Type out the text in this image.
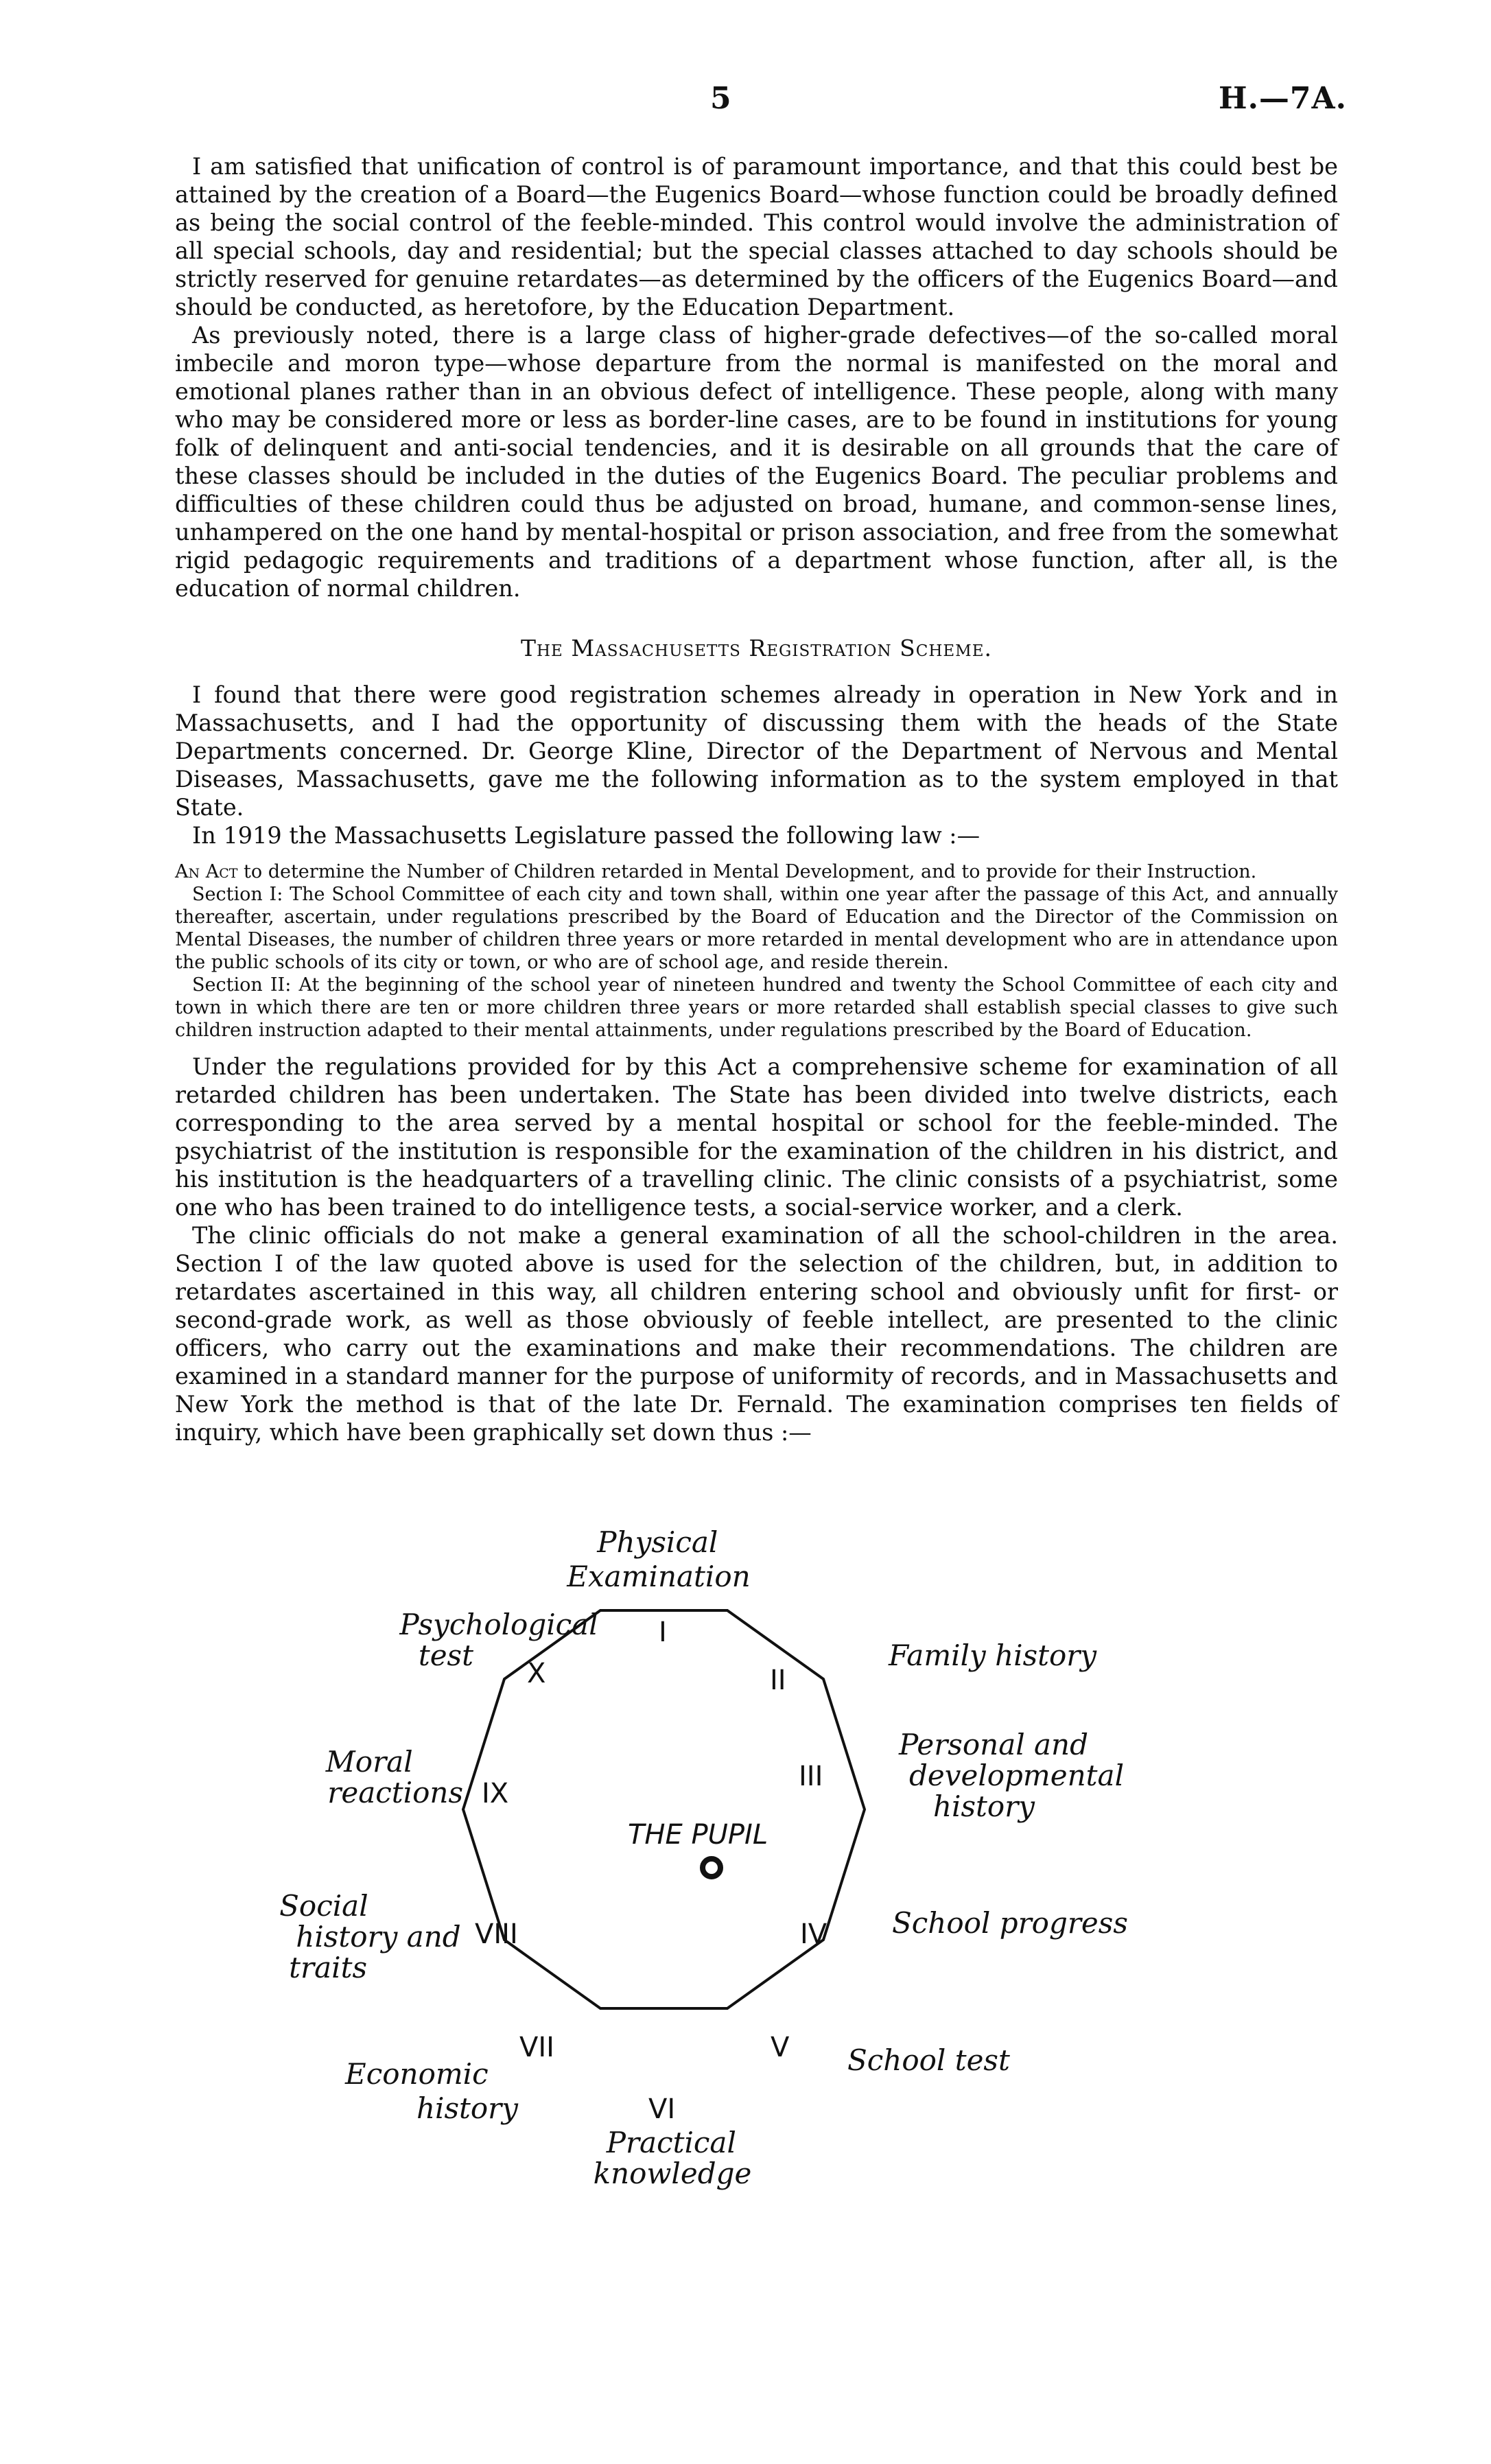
5	H.—7A.

I am satisfied that unification of control is of paramount importance, and that this could best be attained by the creation of a Board—the Eugenics Board—whose function could be broadly defined as being the social control of the feeble-minded. This control would involve the administration of all special schools, day and residential; but the special classes attached to day schools should be strictly reserved for genuine retardates—as determined by the officers of the Eugenics Board—and should be conducted, as heretofore, by the Education Department.

As previously noted, there is a large class of higher-grade defectives—of the so-called moral imbecile and moron type—whose departure from the normal is manifested on the moral and emotional planes rather than in an obvious defect of intelligence. These people, along with many who may be considered more or less as border-line cases, are to be found in institutions for young folk of delinquent and anti-social tendencies, and it is desirable on all grounds that the care of these classes should be included in the duties of the Eugenics Board. The peculiar problems and difficulties of these children could thus be adjusted on broad, humane, and common-sense lines, unhampered on the one hand by mental-hospital or prison association, and free from the somewhat rigid pedagogic requirements and traditions of a department whose function, after all, is the education of normal children.

The Massachusetts Registration Scheme.

I found that there were good registration schemes already in operation in New York and in Massachusetts, and I had the opportunity of discussing them with the heads of the State Departments concerned. Dr. George Kline, Director of the Department of Nervous and Mental Diseases, Massachusetts, gave me the following information as to the system employed in that State.

In 1919 the Massachusetts Legislature passed the following law :—

An Act to determine the Number of Children retarded in Mental Development, and to provide for their Instruction.

Section I: The School Committee of each city and town shall, within one year after the passage of this Act, and annually thereafter, ascertain, under regulations prescribed by the Board of Education and the Director of the Commission on Mental Diseases, the number of children three years or more retarded in mental development who are in attendance upon the public schools of its city or town, or who are of school age, and reside therein.

Section II: At the beginning of the school year of nineteen hundred and twenty the School Committee of each city and town in which there are ten or more children three years or more retarded shall establish special classes to give such children instruction adapted to their mental attainments, under regulations prescribed by the Board of Education.

Under the regulations provided for by this Act a comprehensive scheme for examination of all retarded children has been undertaken. The State has been divided into twelve districts, each corresponding to the area served by a mental hospital or school for the feeble-minded. The psychiatrist of the institution is responsible for the examination of the children in his district, and his institution is the headquarters of a travelling clinic. The clinic consists of a psychiatrist, some one who has been trained to do intelligence tests, a social-service worker, and a clerk.

The clinic officials do not make a general examination of all the school-children in the area. Section I of the law quoted above is used for the selection of the children, but, in addition to retardates ascertained in this way, all children entering school and obviously unfit for first- or second-grade work, as well as those obviously of feeble intellect, are presented to the clinic officers, who carry out the examinations and make their recommendations. The children are examined in a standard manner for the purpose of uniformity of records, and in Massachusetts and New York the method is that of the late Dr. Fernald. The examination comprises ten fields of inquiry, which have been graphically set down thus :—

THE PUPIL
I
II
III
IV
V
VI
VII
VIII
IX
X
Physical Examination
Family history
Personal and developmental history
School progress
School test
Practical knowledge
Economic history
Social history and traits
Moral reactions
Psychological test
